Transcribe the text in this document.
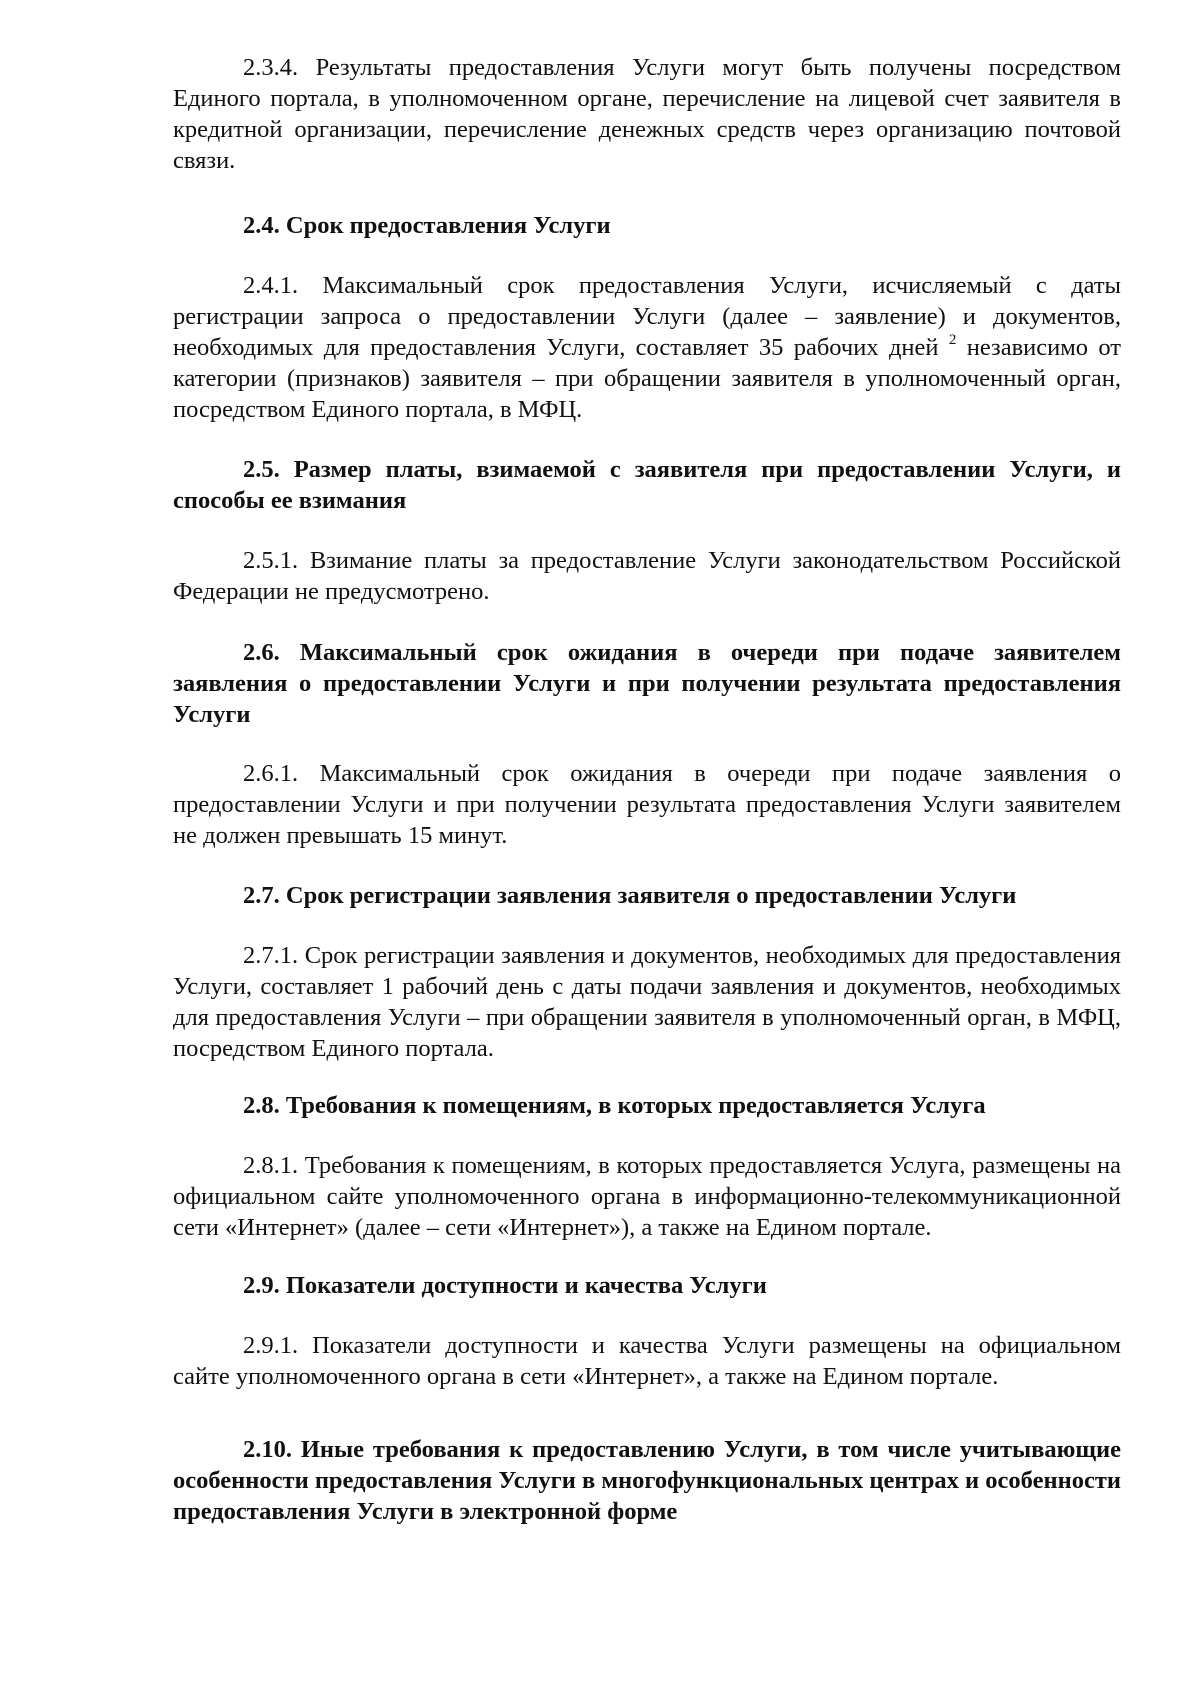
2.3.4. Результаты предоставления Услуги могут быть получены посредством Единого портала, в уполномоченном органе, перечисление на лицевой счет заявителя в кредитной организации, перечисление денежных средств через организацию почтовой связи.

2.4. Срок предоставления Услуги

2.4.1. Максимальный срок предоставления Услуги, исчисляемый с даты регистрации запроса о предоставлении Услуги (далее – заявление) и документов, необходимых для предоставления Услуги, составляет 35 рабочих дней $^2$ независимо от категории (признаков) заявителя – при обращении заявителя в уполномоченный орган, посредством Единого портала, в МФЦ.

2.5. Размер платы, взимаемой с заявителя при предоставлении Услуги, и способы ее взимания

2.5.1. Взимание платы за предоставление Услуги законодательством Российской Федерации не предусмотрено.

2.6. Максимальный срок ожидания в очереди при подаче заявителем заявления о предоставлении Услуги и при получении результата предоставления Услуги

2.6.1. Максимальный срок ожидания в очереди при подаче заявления о предоставлении Услуги и при получении результата предоставления Услуги заявителем не должен превышать 15 минут.

2.7. Срок регистрации заявления заявителя о предоставлении Услуги

2.7.1. Срок регистрации заявления и документов, необходимых для предоставления Услуги, составляет 1 рабочий день с даты подачи заявления и документов, необходимых для предоставления Услуги – при обращении заявителя в уполномоченный орган, в МФЦ, посредством Единого портала.

2.8. Требования к помещениям, в которых предоставляется Услуга

2.8.1. Требования к помещениям, в которых предоставляется Услуга, размещены на официальном сайте уполномоченного органа в информационно-телекоммуникационной сети «Интернет» (далее – сети «Интернет»), а также на Едином портале.

2.9. Показатели доступности и качества Услуги

2.9.1. Показатели доступности и качества Услуги размещены на официальном сайте уполномоченного органа в сети «Интернет», а также на Едином портале.

2.10. Иные требования к предоставлению Услуги, в том числе учитывающие особенности предоставления Услуги в многофункциональных центрах и особенности предоставления Услуги в электронной форме
